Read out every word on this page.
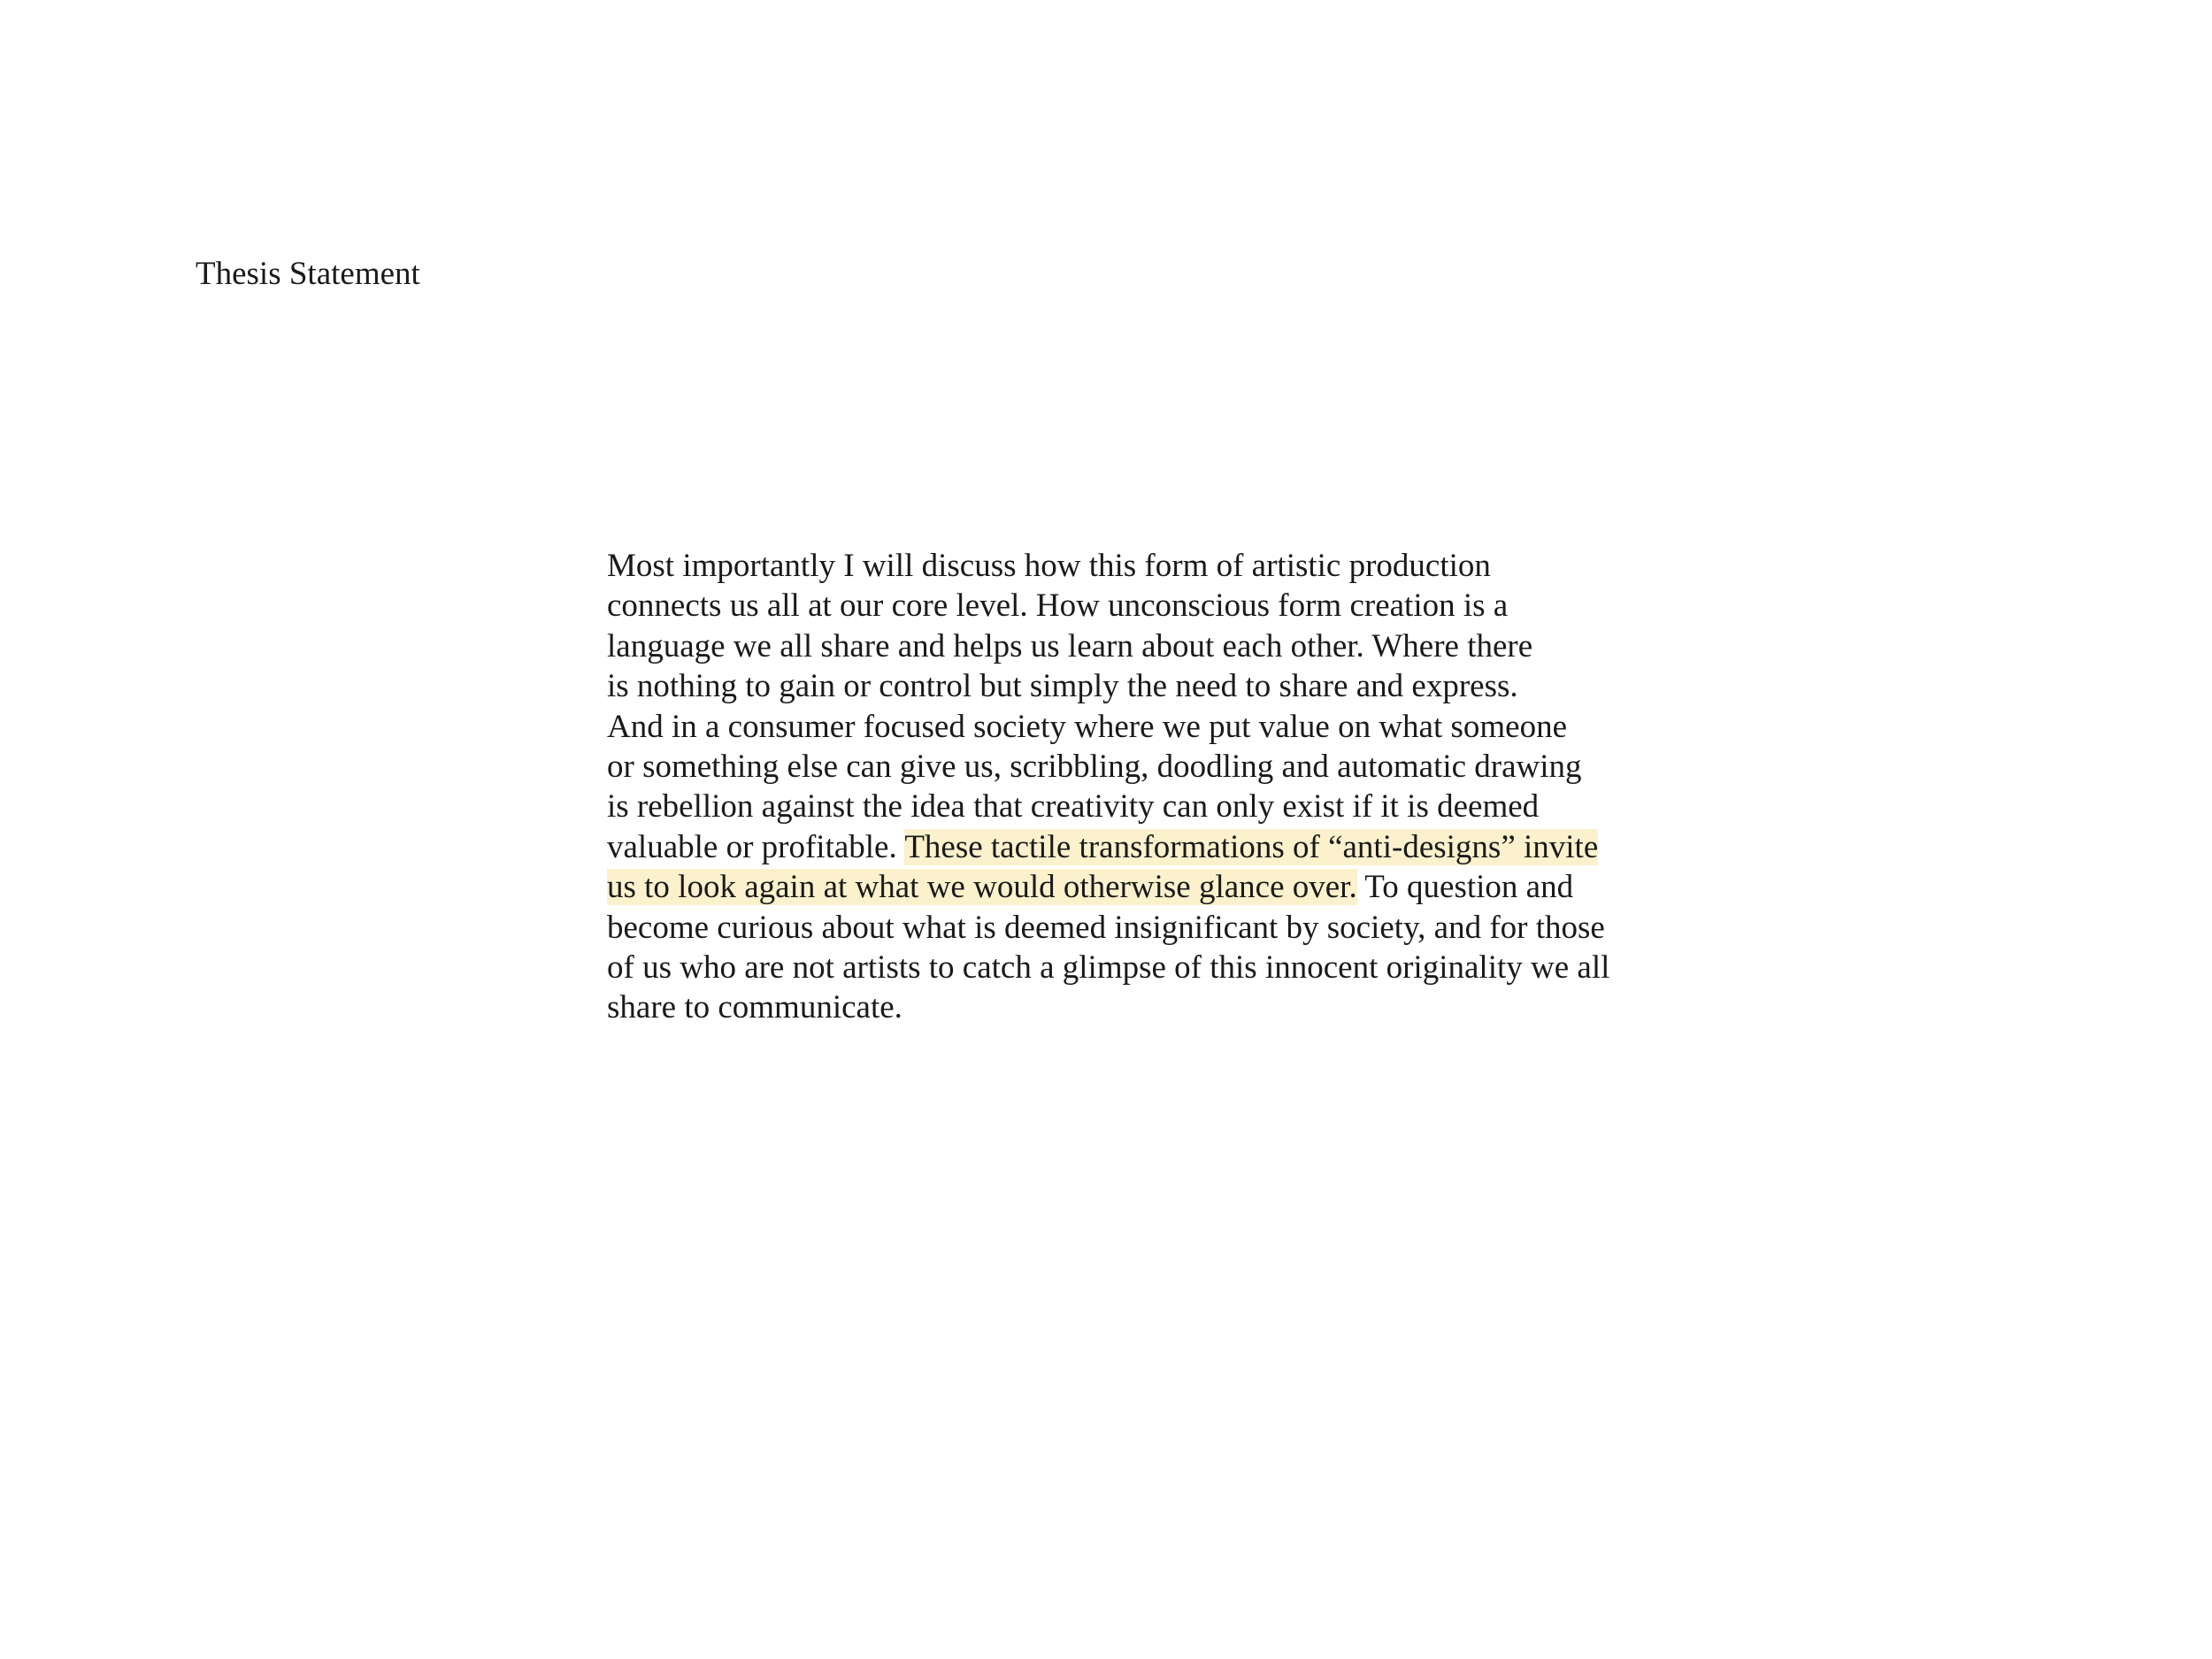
Thesis Statement

Most importantly I will discuss how this form of artistic production
connects us all at our core level. How unconscious form creation is a
language we all share and helps us learn about each other. Where there
is nothing to gain or control but simply the need to share and express.
And in a consumer focused society where we put value on what someone
or something else can give us, scribbling, doodling and automatic drawing
is rebellion against the idea that creativity can only exist if it is deemed
valuable or profitable. These tactile transformations of “anti-designs” invite
us to look again at what we would otherwise glance over. To question and
become curious about what is deemed insignificant by society, and for those
of us who are not artists to catch a glimpse of this innocent originality we all
share to communicate.
